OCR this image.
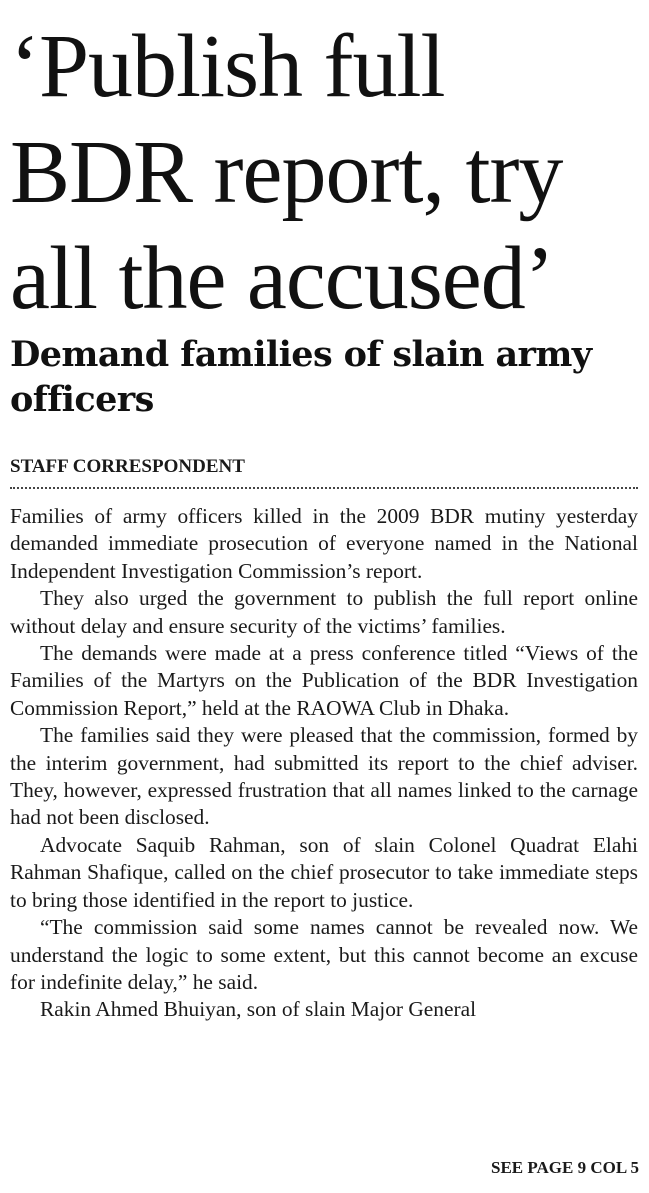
‘Publish full
BDR report, try
all the accused’
Demand families of slain army officers
STAFF CORRESPONDENT

Families of army officers killed in the 2009 BDR mutiny yesterday demanded immediate prosecution of everyone named in the National Independent Investigation Commission’s report.

They also urged the government to publish the full report online without delay and ensure security of the victims’ families.

The demands were made at a press conference titled “Views of the Families of the Martyrs on the Publication of the BDR Investigation Commission Report,” held at the RAOWA Club in Dhaka.

The families said they were pleased that the commission, formed by the interim government, had submitted its report to the chief adviser. They, however, expressed frustration that all names linked to the carnage had not been disclosed.

Advocate Saquib Rahman, son of slain Colonel Quadrat Elahi Rahman Shafique, called on the chief prosecutor to take immediate steps to bring those identified in the report to justice.

“The commission said some names cannot be revealed now. We understand the logic to some extent, but this cannot become an excuse for indefinite delay,” he said.

Rakin Ahmed Bhuiyan, son of slain Major General

SEE PAGE 9 COL 5
